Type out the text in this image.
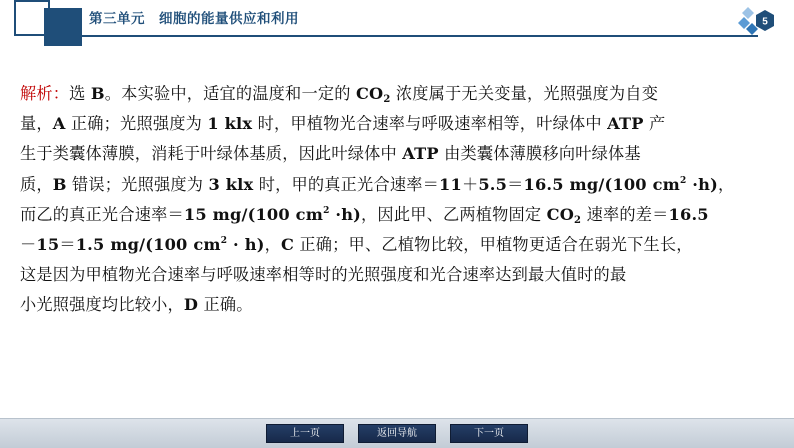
第三单元　细胞的能量供应和利用	5
解析：选 B。本实验中，适宜的温度和一定的 $CO_2$ 浓度属于无关变量，光照强度为自变
量，A 正确；光照强度为 1 klx 时，甲植物光合速率与呼吸速率相等，叶绿体中 ATP 产
生于类囊体薄膜，消耗于叶绿体基质，因此叶绿体中 ATP 由类囊体薄膜移向叶绿体基
质，B 错误；光照强度为 3 klx 时，甲的真正光合速率＝11＋5.5＝16.5 mg/(100 $cm^2 \cdot h$)，
而乙的真正光合速率＝15 mg/(100 $cm^2 \cdot h$)，因此甲、乙两植物固定 $CO_2$ 速率的差＝16.5
－15＝1.5 mg/(100 $cm^2 \cdot h$)，C 正确；甲、乙植物比较，甲植物更适合在弱光下生长，
这是因为甲植物光合速率与呼吸速率相等时的光照强度和光合速率达到最大值时的最
小光照强度均比较小，D 正确。
上一页	返回导航	下一页
